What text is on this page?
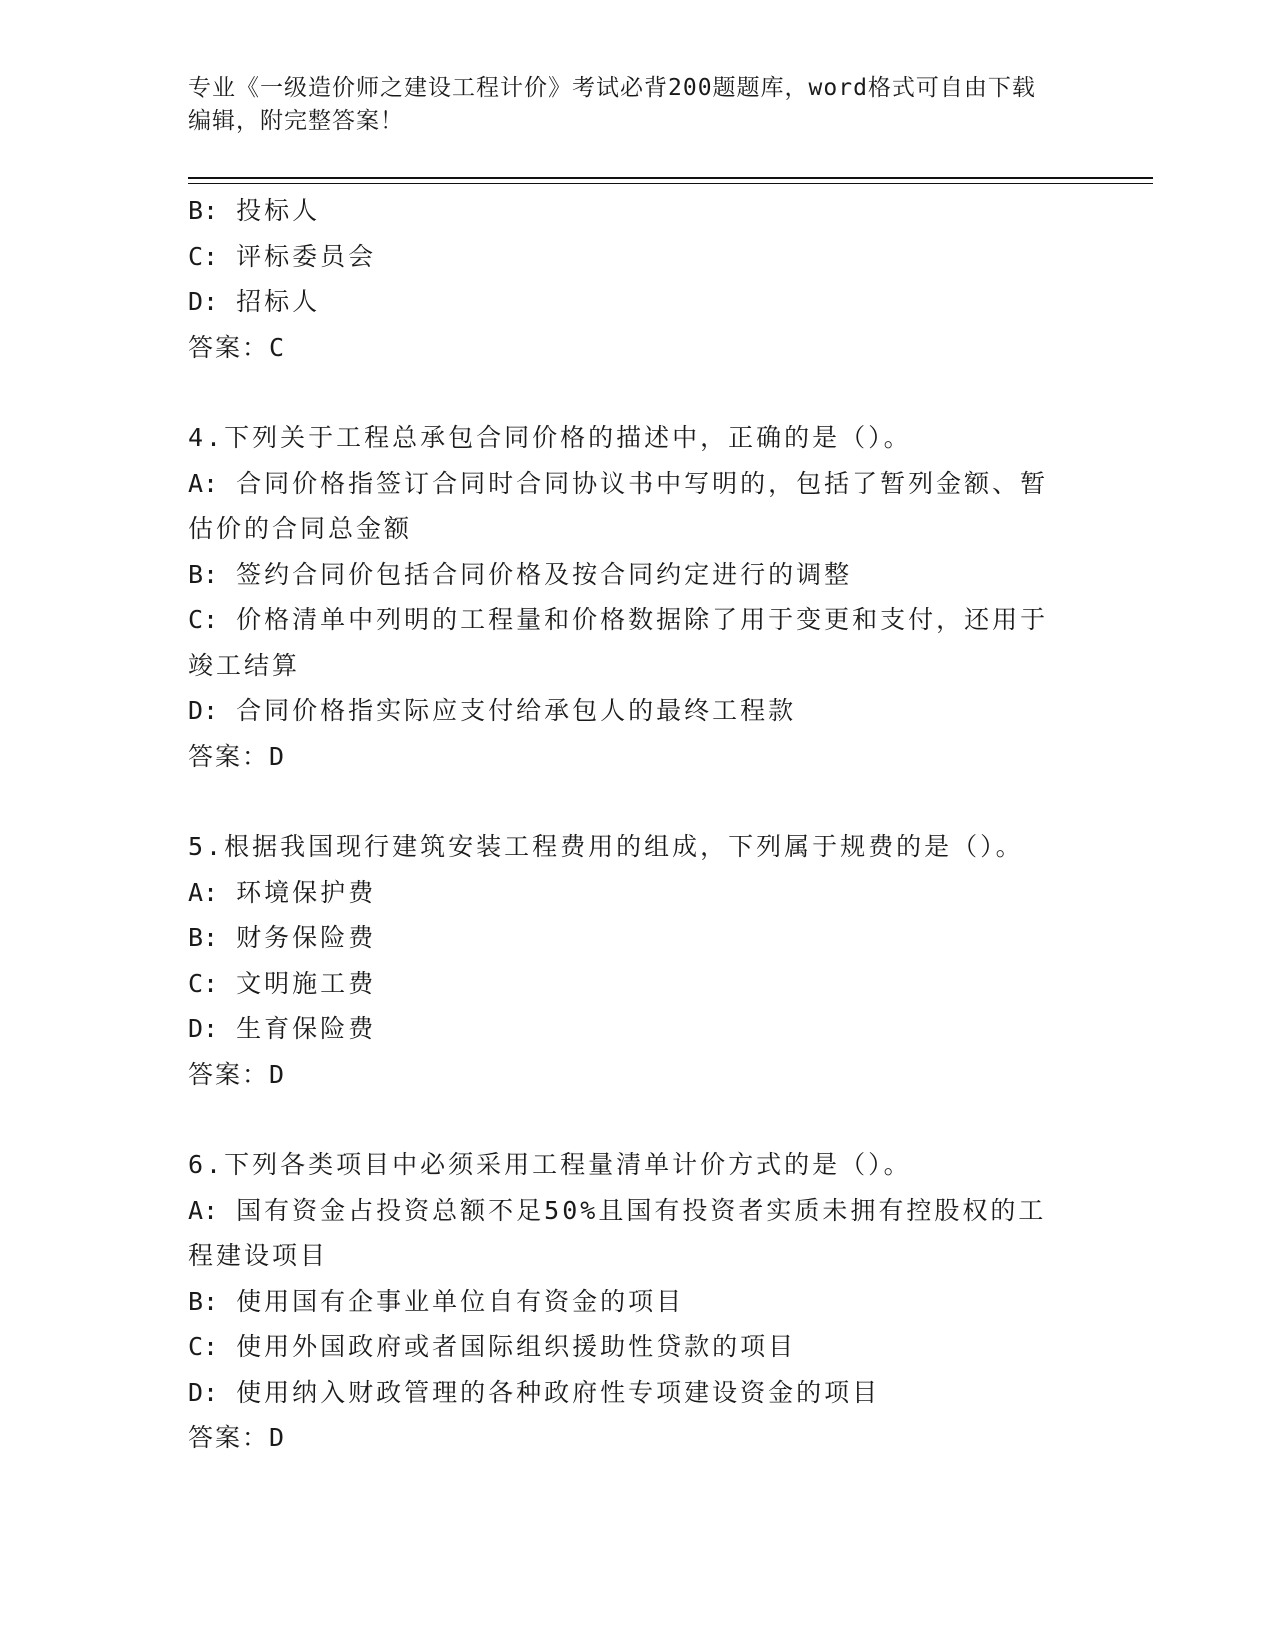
专业《一级造价师之建设工程计价》考试必背200题题库，word格式可自由下载
编辑，附完整答案！
B: 投标人
C: 评标委员会
D: 招标人
答案：C
4.下列关于工程总承包合同价格的描述中，正确的是（）。
A: 合同价格指签订合同时合同协议书中写明的，包括了暂列金额、暂
估价的合同总金额
B: 签约合同价包括合同价格及按合同约定进行的调整
C: 价格清单中列明的工程量和价格数据除了用于变更和支付，还用于
竣工结算
D: 合同价格指实际应支付给承包人的最终工程款
答案：D
5.根据我国现行建筑安装工程费用的组成，下列属于规费的是（）。
A: 环境保护费
B: 财务保险费
C: 文明施工费
D: 生育保险费
答案：D
6.下列各类项目中必须采用工程量清单计价方式的是（）。
A: 国有资金占投资总额不足50%且国有投资者实质未拥有控股权的工
程建设项目
B: 使用国有企事业单位自有资金的项目
C: 使用外国政府或者国际组织援助性贷款的项目
D: 使用纳入财政管理的各种政府性专项建设资金的项目
答案：D
